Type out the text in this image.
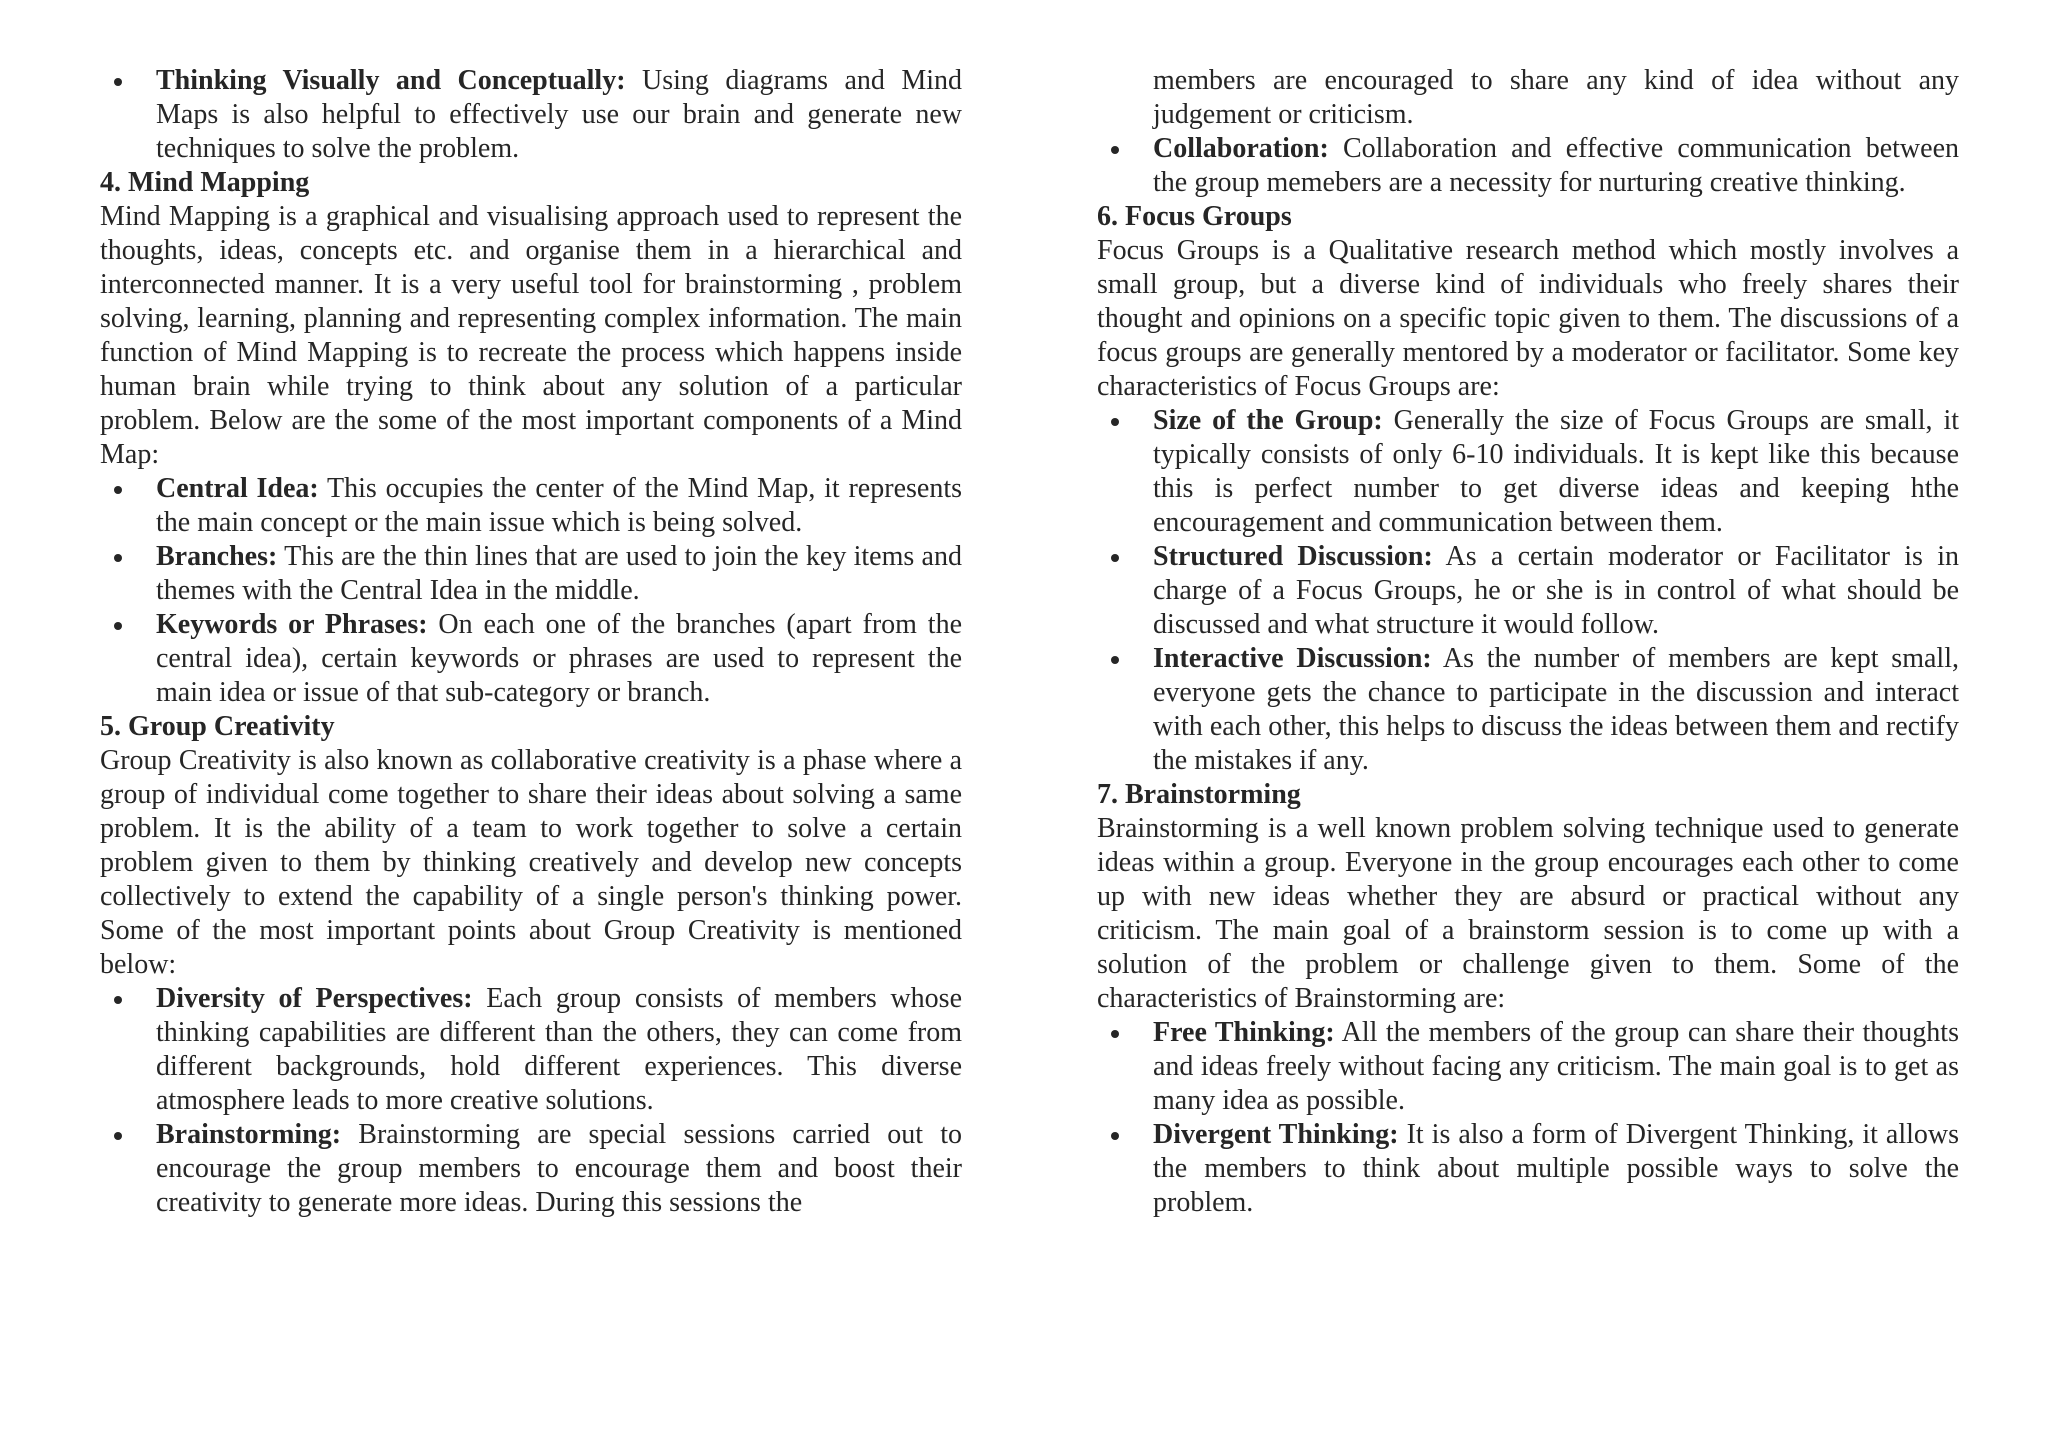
Thinking Visually and Conceptually: Using diagrams and Mind Maps is also helpful to effectively use our brain and generate new techniques to solve the problem.

4. Mind Mapping

Mind Mapping is a graphical and visualising approach used to represent the thoughts, ideas, concepts etc. and organise them in a hierarchical and interconnected manner. It is a very useful tool for brainstorming , problem solving, learning, planning and representing complex information. The main function of Mind Mapping is to recreate the process which happens inside human brain while trying to think about any solution of a particular problem. Below are the some of the most important components of a Mind Map:

Central Idea: This occupies the center of the Mind Map, it represents the main concept or the main issue which is being solved.
Branches: This are the thin lines that are used to join the key items and themes with the Central Idea in the middle.
Keywords or Phrases: On each one of the branches (apart from the central idea), certain keywords or phrases are used to represent the main idea or issue of that sub-category or branch.

5. Group Creativity

Group Creativity is also known as collaborative creativity is a phase where a group of individual come together to share their ideas about solving a same problem. It is the ability of a team to work together to solve a certain problem given to them by thinking creatively and develop new concepts collectively to extend the capability of a single person's thinking power. Some of the most important points about Group Creativity is mentioned below:

Diversity of Perspectives: Each group consists of members whose thinking capabilities are different than the others, they can come from different backgrounds, hold different experiences. This diverse atmosphere leads to more creative solutions.
Brainstorming: Brainstorming are special sessions carried out to encourage the group members to encourage them and boost their creativity to generate more ideas. During this sessions the

members are encouraged to share any kind of idea without any judgement or criticism.

Collaboration: Collaboration and effective communication between the group memebers are a necessity for nurturing creative thinking.

6. Focus Groups

Focus Groups is a Qualitative research method which mostly involves a small group, but a diverse kind of individuals who freely shares their thought and opinions on a specific topic given to them. The discussions of a focus groups are generally mentored by a moderator or facilitator. Some key characteristics of Focus Groups are:

Size of the Group: Generally the size of Focus Groups are small, it typically consists of only 6-10 individuals. It is kept like this because this is perfect number to get diverse ideas and keeping hthe encouragement and communication between them.
Structured Discussion: As a certain moderator or Facilitator is in charge of a Focus Groups, he or she is in control of what should be discussed and what structure it would follow.
Interactive Discussion: As the number of members are kept small, everyone gets the chance to participate in the discussion and interact with each other, this helps to discuss the ideas between them and rectify the mistakes if any.

7. Brainstorming

Brainstorming is a well known problem solving technique used to generate ideas within a group. Everyone in the group encourages each other to come up with new ideas whether they are absurd or practical without any criticism. The main goal of a brainstorm session is to come up with a solution of the problem or challenge given to them. Some of the characteristics of Brainstorming are:

Free Thinking: All the members of the group can share their thoughts and ideas freely without facing any criticism. The main goal is to get as many idea as possible.
Divergent Thinking: It is also a form of Divergent Thinking, it allows the members to think about multiple possible ways to solve the problem.
